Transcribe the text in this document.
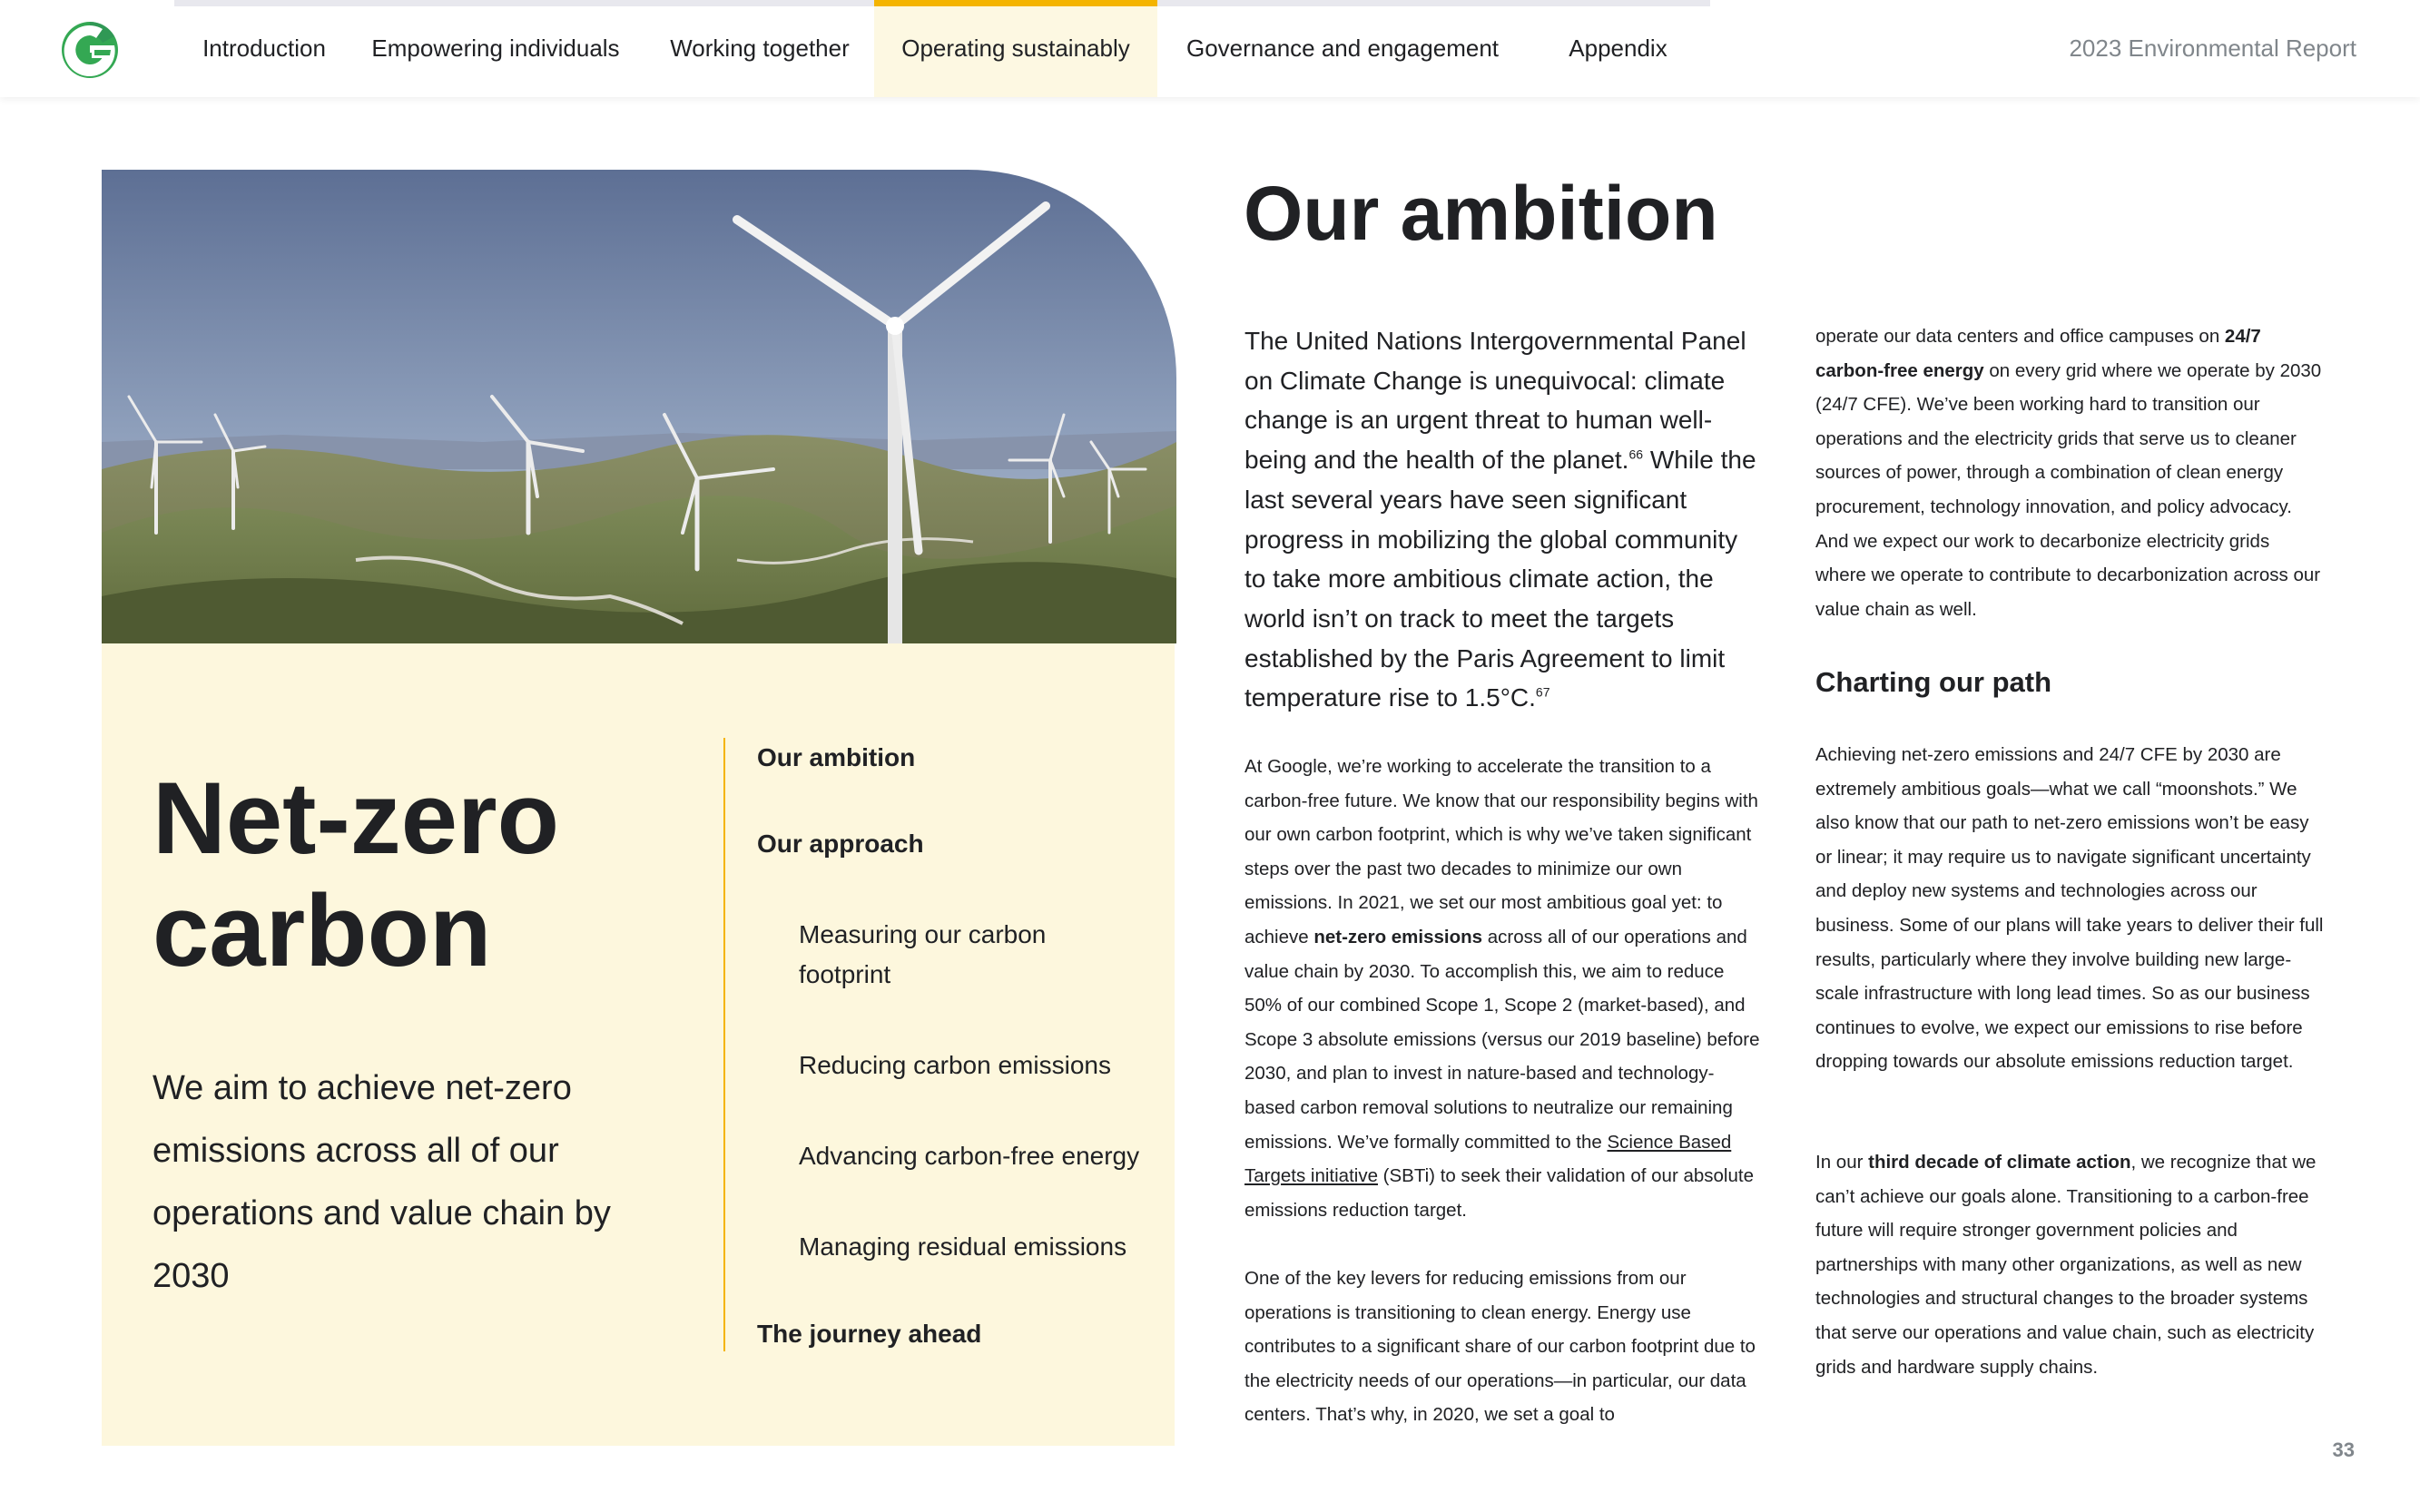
Introduction	Empowering individuals	Working together	Operating sustainably	Governance and engagement	Appendix	2023 Environmental Report
Net-zero
carbon

We aim to achieve net-zero emissions across all of our operations and value chain by 2030

Our ambition
Our approach
Measuring our carbon footprint
Reducing carbon emissions
Advancing carbon-free energy
Managing residual emissions
The journey ahead
Our ambition

The United Nations Intergovernmental Panel on Climate Change is unequivocal: climate change is an urgent threat to human well-being and the health of the planet.$^{66}$ While the last several years have seen significant progress in mobilizing the global community to take more ambitious climate action, the world isn’t on track to meet the targets established by the Paris Agreement to limit temperature rise to 1.5°C.$^{67}$

At Google, we’re working to accelerate the transition to a carbon-free future. We know that our responsibility begins with our own carbon footprint, which is why we’ve taken significant steps over the past two decades to minimize our own emissions. In 2021, we set our most ambitious goal yet: to achieve net-zero emissions across all of our operations and value chain by 2030. To accomplish this, we aim to reduce 50% of our combined Scope 1, Scope 2 (market-based), and Scope 3 absolute emissions (versus our 2019 baseline) before 2030, and plan to invest in nature-based and technology-based carbon removal solutions to neutralize our remaining emissions. We’ve formally committed to the Science Based Targets initiative (SBTi) to seek their validation of our absolute emissions reduction target.

One of the key levers for reducing emissions from our operations is transitioning to clean energy. Energy use contributes to a significant share of our carbon footprint due to the electricity needs of our operations—in particular, our data centers. That’s why, in 2020, we set a goal to

operate our data centers and office campuses on 24/7 carbon-free energy on every grid where we operate by 2030 (24/7 CFE). We’ve been working hard to transition our operations and the electricity grids that serve us to cleaner sources of power, through a combination of clean energy procurement, technology innovation, and policy advocacy. And we expect our work to decarbonize electricity grids where we operate to contribute to decarbonization across our value chain as well.

Charting our path

Achieving net-zero emissions and 24/7 CFE by 2030 are extremely ambitious goals—what we call “moonshots.” We also know that our path to net-zero emissions won’t be easy or linear; it may require us to navigate significant uncertainty and deploy new systems and technologies across our business. Some of our plans will take years to deliver their full results, particularly where they involve building new large-scale infrastructure with long lead times. So as our business continues to evolve, we expect our emissions to rise before dropping towards our absolute emissions reduction target.

In our third decade of climate action, we recognize that we can’t achieve our goals alone. Transitioning to a carbon-free future will require stronger government policies and partnerships with many other organizations, as well as new technologies and structural changes to the broader systems that serve our operations and value chain, such as electricity grids and hardware supply chains.

33
